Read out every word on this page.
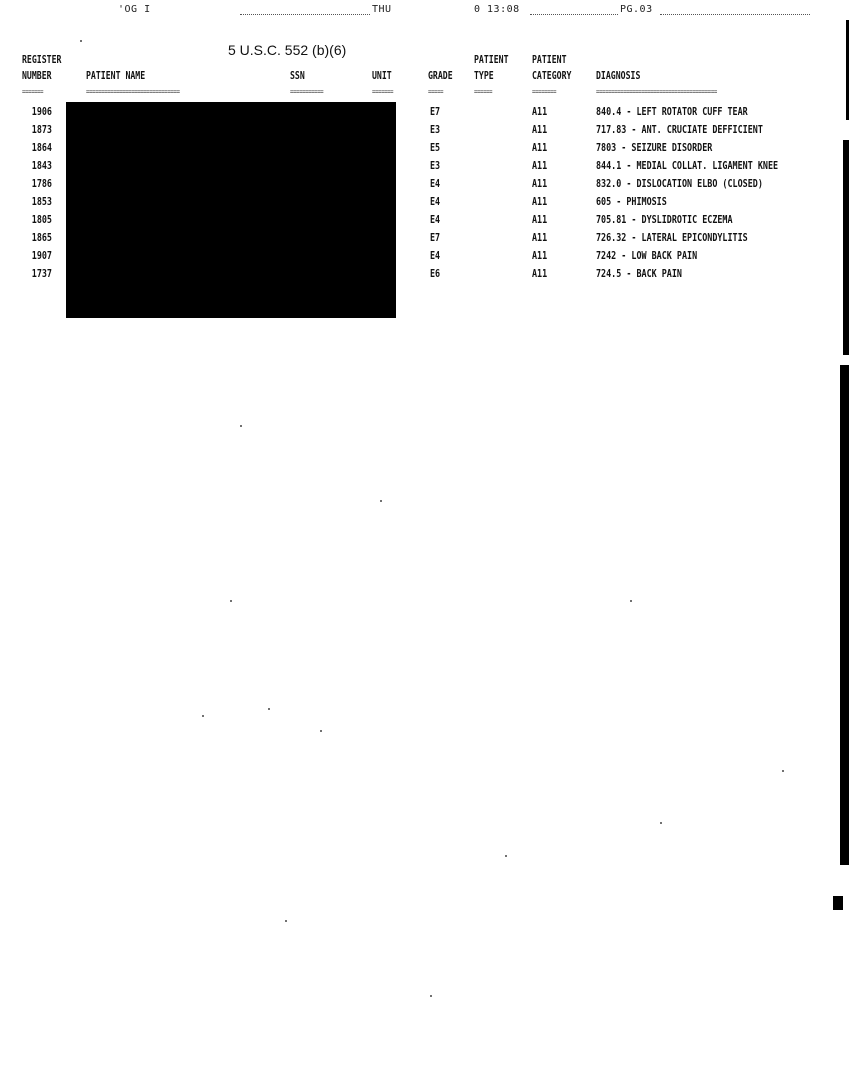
'OG I	THU	0 13:08	PG.03
5 U.S.C. 552 (b)(6)
REGISTER
NUMBER	PATIENT NAME	SSN	UNIT	GRADE
PATIENT
TYPE
PATIENT
CATEGORY DIAGNOSIS
=======	===============================	===========	=======	=====	======	========	========================================
1906	E7	A11	840.4 - LEFT ROTATOR CUFF TEAR
1873	E3	A11	717.83 - ANT. CRUCIATE DEFFICIENT
1864	E5	A11	7803 - SEIZURE DISORDER
1843	E3	A11	844.1 - MEDIAL COLLAT. LIGAMENT KNEE
1786	E4	A11	832.0 - DISLOCATION ELBO (CLOSED)
1853	E4	A11	605 - PHIMOSIS
1805	E4	A11	705.81 - DYSLIDROTIC ECZEMA
1865	E7	A11	726.32 - LATERAL EPICONDYLITIS
1907	E4	A11	7242 - LOW BACK PAIN
1737	E6	A11	724.5 - BACK PAIN
